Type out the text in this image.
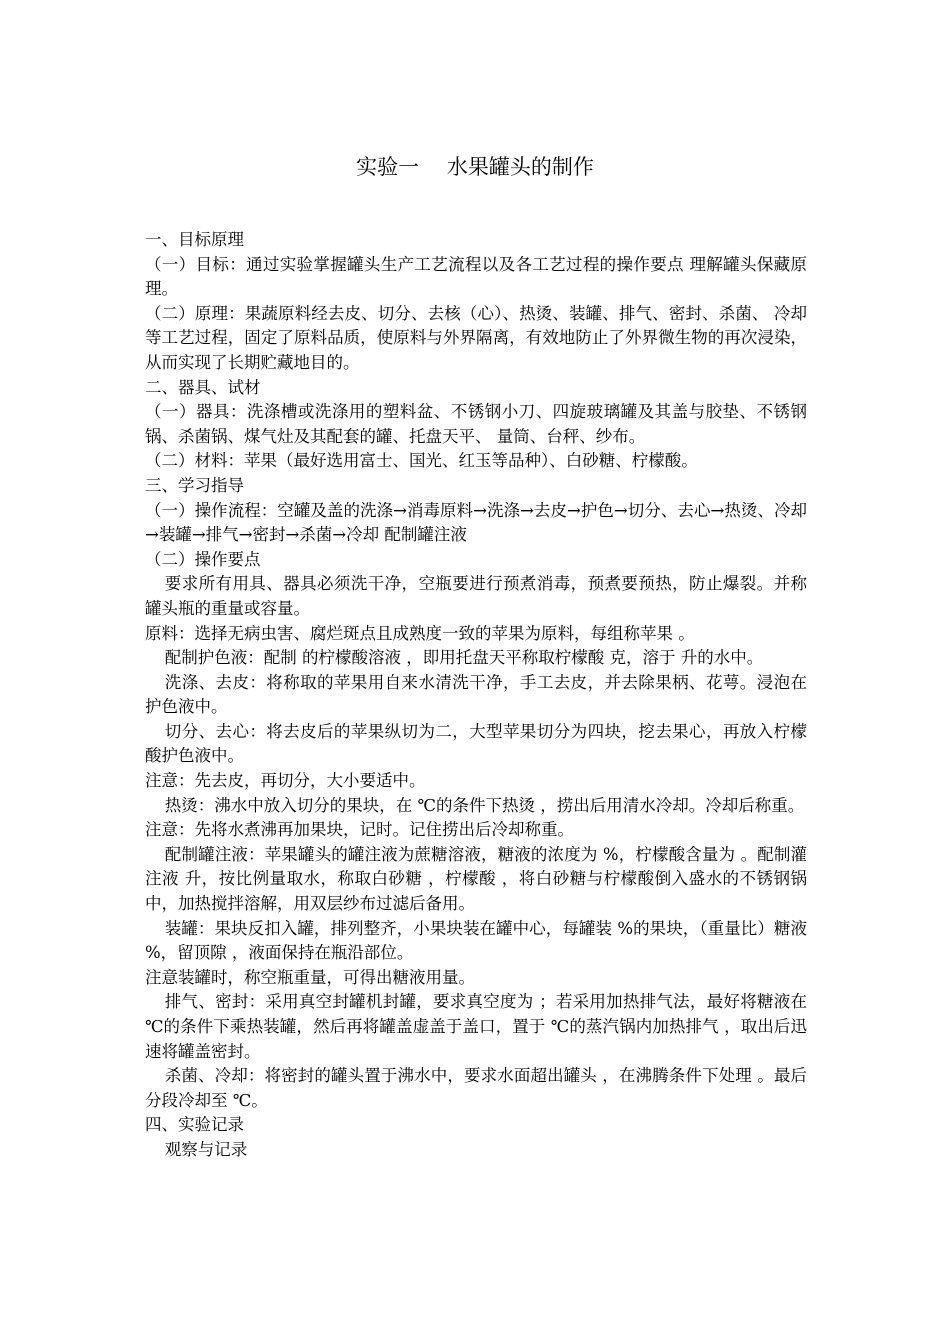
实验一　 水果罐头的制作

一、目标原理

（一）目标：通过实验掌握罐头生产工艺流程以及各工艺过程的操作要点 理解罐头保藏原理。

（二）原理：果蔬原料经去皮、切分、去核（心）、热烫、装罐、排气、密封、杀菌、 冷却等工艺过程，固定了原料品质，使原料与外界隔离，有效地防止了外界微生物的再次浸染，从而实现了长期贮藏地目的。

二、器具、试材

（一）器具：洗涤槽或洗涤用的塑料盆、不锈钢小刀、四旋玻璃罐及其盖与胶垫、不锈钢锅、杀菌锅、煤气灶及其配套的罐、托盘天平、 量筒、台秤、纱布。

（二）材料：苹果（最好选用富士、国光、红玉等品种）、白砂糖、柠檬酸。

三、学习指导

（一）操作流程：空罐及盖的洗涤→消毒原料→洗涤→去皮→护色→切分、去心→热烫、冷却→装罐→排气→密封→杀菌→冷却 配制罐注液

（二）操作要点

要求所有用具、器具必须洗干净，空瓶要进行预煮消毒，预煮要预热，防止爆裂。并称罐头瓶的重量或容量。

原料：选择无病虫害、腐烂斑点且成熟度一致的苹果为原料，每组称苹果 。

配制护色液：配制 的柠檬酸溶液 ，即用托盘天平称取柠檬酸 克，溶于 升的水中。

洗涤、去皮：将称取的苹果用自来水清洗干净，手工去皮，并去除果柄、花萼。浸泡在护色液中。

切分、去心：将去皮后的苹果纵切为二，大型苹果切分为四块，挖去果心，再放入柠檬酸护色液中。

注意：先去皮，再切分，大小要适中。

热烫：沸水中放入切分的果块，在 ℃的条件下热烫 ，捞出后用清水冷却。冷却后称重。

注意：先将水煮沸再加果块，记时。记住捞出后冷却称重。

配制罐注液：苹果罐头的罐注液为蔗糖溶液，糖液的浓度为 %，柠檬酸含量为 。配制灌注液 升，按比例量取水，称取白砂糖 ，柠檬酸 ，将白砂糖与柠檬酸倒入盛水的不锈钢锅中，加热搅拌溶解，用双层纱布过滤后备用。

装罐：果块反扣入罐，排列整齐，小果块装在罐中心，每罐装 %的果块，（重量比）糖液 %，留顶隙 ，液面保持在瓶沿部位。

注意装罐时，称空瓶重量，可得出糖液用量。

排气、密封：采用真空封罐机封罐，要求真空度为 ；若采用加热排气法，最好将糖液在 ℃的条件下乘热装罐，然后再将罐盖虚盖于盖口，置于 ℃的蒸汽锅内加热排气 ，取出后迅速将罐盖密封。

杀菌、冷却：将密封的罐头置于沸水中，要求水面超出罐头 ，在沸腾条件下处理 。最后分段冷却至 ℃。

四、实验记录

观察与记录
